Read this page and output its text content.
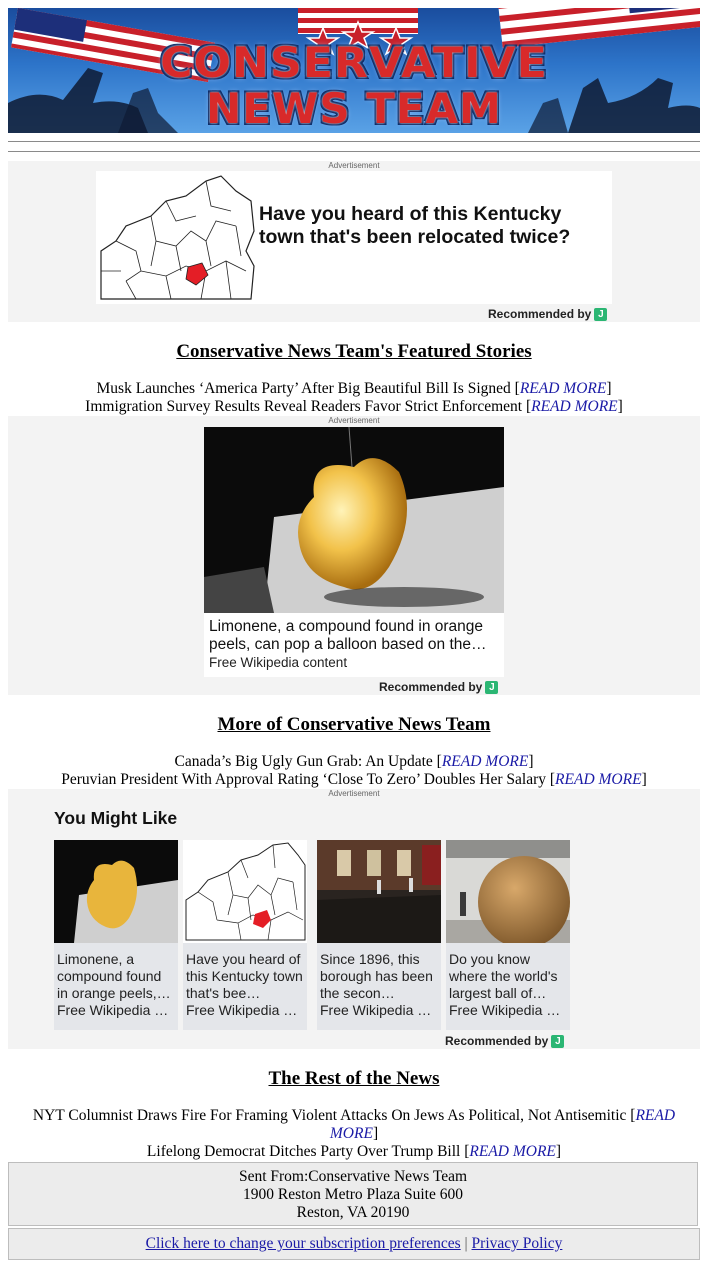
CONSERVATIVE
NEWS TEAM
Advertisement
Have you heard of this Kentucky town that's been relocated twice?
Recommended by J
Conservative News Team's Featured Stories
Musk Launches ‘America Party’ After Big Beautiful Bill Is Signed [READ MORE]
Immigration Survey Results Reveal Readers Favor Strict Enforcement [READ MORE]
Advertisement
Limonene, a compound found in orange peels, can pop a balloon based on the…
Free Wikipedia content
Recommended by J
More of Conservative News Team
Canada’s Big Ugly Gun Grab: An Update [READ MORE]
Peruvian President With Approval Rating ‘Close To Zero’ Doubles Her Salary [READ MORE]
Advertisement
You Might Like
Limonene, a compound found in orange peels,…
Free Wikipedia c…
Have you heard of this Kentucky town that's bee…
Free Wikipedia c…
Since 1896, this borough has been the secon…
Free Wikipedia c…
Do you know where the world's largest ball of…
Free Wikipedia c…
Recommended by J
The Rest of the News
NYT Columnist Draws Fire For Framing Violent Attacks On Jews As Political, Not Antisemitic [READ MORE]
Lifelong Democrat Ditches Party Over Trump Bill [READ MORE]
Sent From:Conservative News Team
1900 Reston Metro Plaza Suite 600
Reston, VA 20190
Click here to change your subscription preferences | Privacy Policy
